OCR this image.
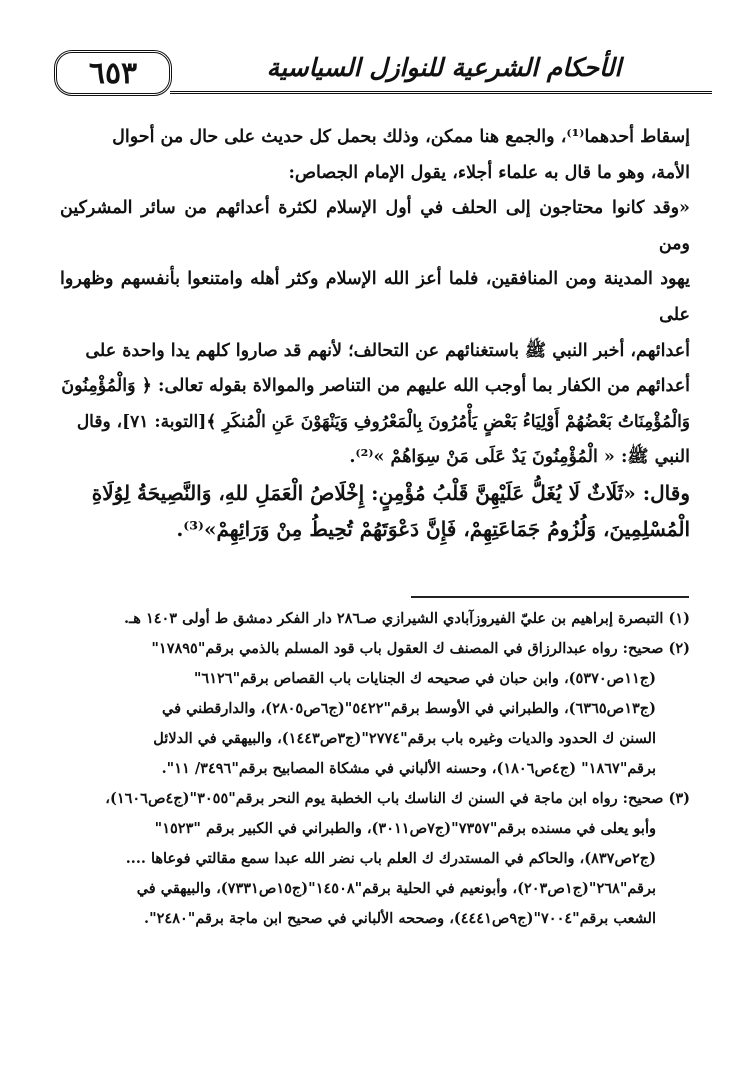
٦٥٣	الأحكام الشرعية للنوازل السياسية

إسقاط أحدهما⁽¹⁾، والجمع هنا ممكن، وذلك بحمل كل حديث على حال من أحوال

الأمة، وهو ما قال به علماء أجلاء، يقول الإمام الجصاص:

«وقد كانوا محتاجون إلى الحلف في أول الإسلام لكثرة أعدائهم من سائر المشركين ومن

يهود المدينة ومن المنافقين، فلما أعز الله الإسلام وكثر أهله وامتنعوا بأنفسهم وظهروا على

أعدائهم، أخبر النبي ﷺ باستغنائهم عن التحالف؛ لأنهم قد صاروا كلهم يدا واحدة على

أعدائهم من الكفار بما أوجب الله عليهم من التناصر والموالاة بقوله تعالى: ﴿ وَالْمُؤْمِنُونَ

وَالْمُؤْمِنَاتُ بَعْضُهُمْ أَوْلِيَاءُ بَعْضٍ يَأْمُرُونَ بِالْمَعْرُوفِ وَيَنْهَوْنَ عَنِ الْمُنكَرِ ﴾[التوبة: ٧١]، وقال

النبي ﷺ: « الْمُؤْمِنُونَ يَدٌ عَلَى مَنْ سِوَاهُمْ »⁽²⁾.

وقال: «ثَلَاثٌ لَا يُغَلُّ عَلَيْهِنَّ قَلْبُ مُؤْمِنٍ: إِخْلَاصُ الْعَمَلِ للهِ، وَالنَّصِيحَةُ لِوُلَاةِ

الْمُسْلِمِينَ، وَلُزُومُ جَمَاعَتِهِمْ، فَإِنَّ دَعْوَتَهُمْ تُحِيطُ مِنْ وَرَائِهِمْ»⁽³⁾.

(١) التبصرة إبراهيم بن عليّ الفيروزآبادي الشيرازي صـ٢٨٦ دار الفكر دمشق ط أولى ١٤٠٣ هـ.

(٢) صحيح: رواه عبدالرزاق في المصنف ك العقول باب قود المسلم بالذمي برقم"١٧٨٩٥"

(ج١١ص٥٣٧٠)، وابن حبان في صحيحه ك الجنايات باب القصاص برقم"٦١٢٦"

(ج١٣ص٦٣٦٥)، والطبراني في الأوسط برقم"٥٤٢٢"(ج٦ص٢٨٠٥)، والدارقطني في

السنن ك الحدود والديات وغيره باب برقم"٢٧٧٤"(ج٣ص١٤٤٣)، والبيهقي في الدلائل

برقم"١٨٦٧" (ج٤ص١٨٠٦)، وحسنه الألباني في مشكاة المصابيح برقم"٣٤٩٦/ ١١".

(٣) صحيح: رواه ابن ماجة في السنن ك الناسك باب الخطبة يوم النحر برقم"٣٠٥٥"(ج٤ص١٦٠٦)،

وأبو يعلى في مسنده برقم"٧٣٥٧"(ج٧ص٣٠١١)، والطبراني في الكبير برقم "١٥٢٣"

(ج٢ص٨٣٧)، والحاكم في المستدرك ك العلم باب نضر الله عبدا سمع مقالتي فوعاها ....

برقم"٢٦٨"(ج١ص٢٠٣)، وأبونعيم في الحلية برقم"١٤٥٠٨"(ج١٥ص٧٣٣١)، والبيهقي في

الشعب برقم"٧٠٠٤"(ج٩ص٤٤٤١)، وصححه الألباني في صحيح ابن ماجة برقم"٢٤٨٠".
